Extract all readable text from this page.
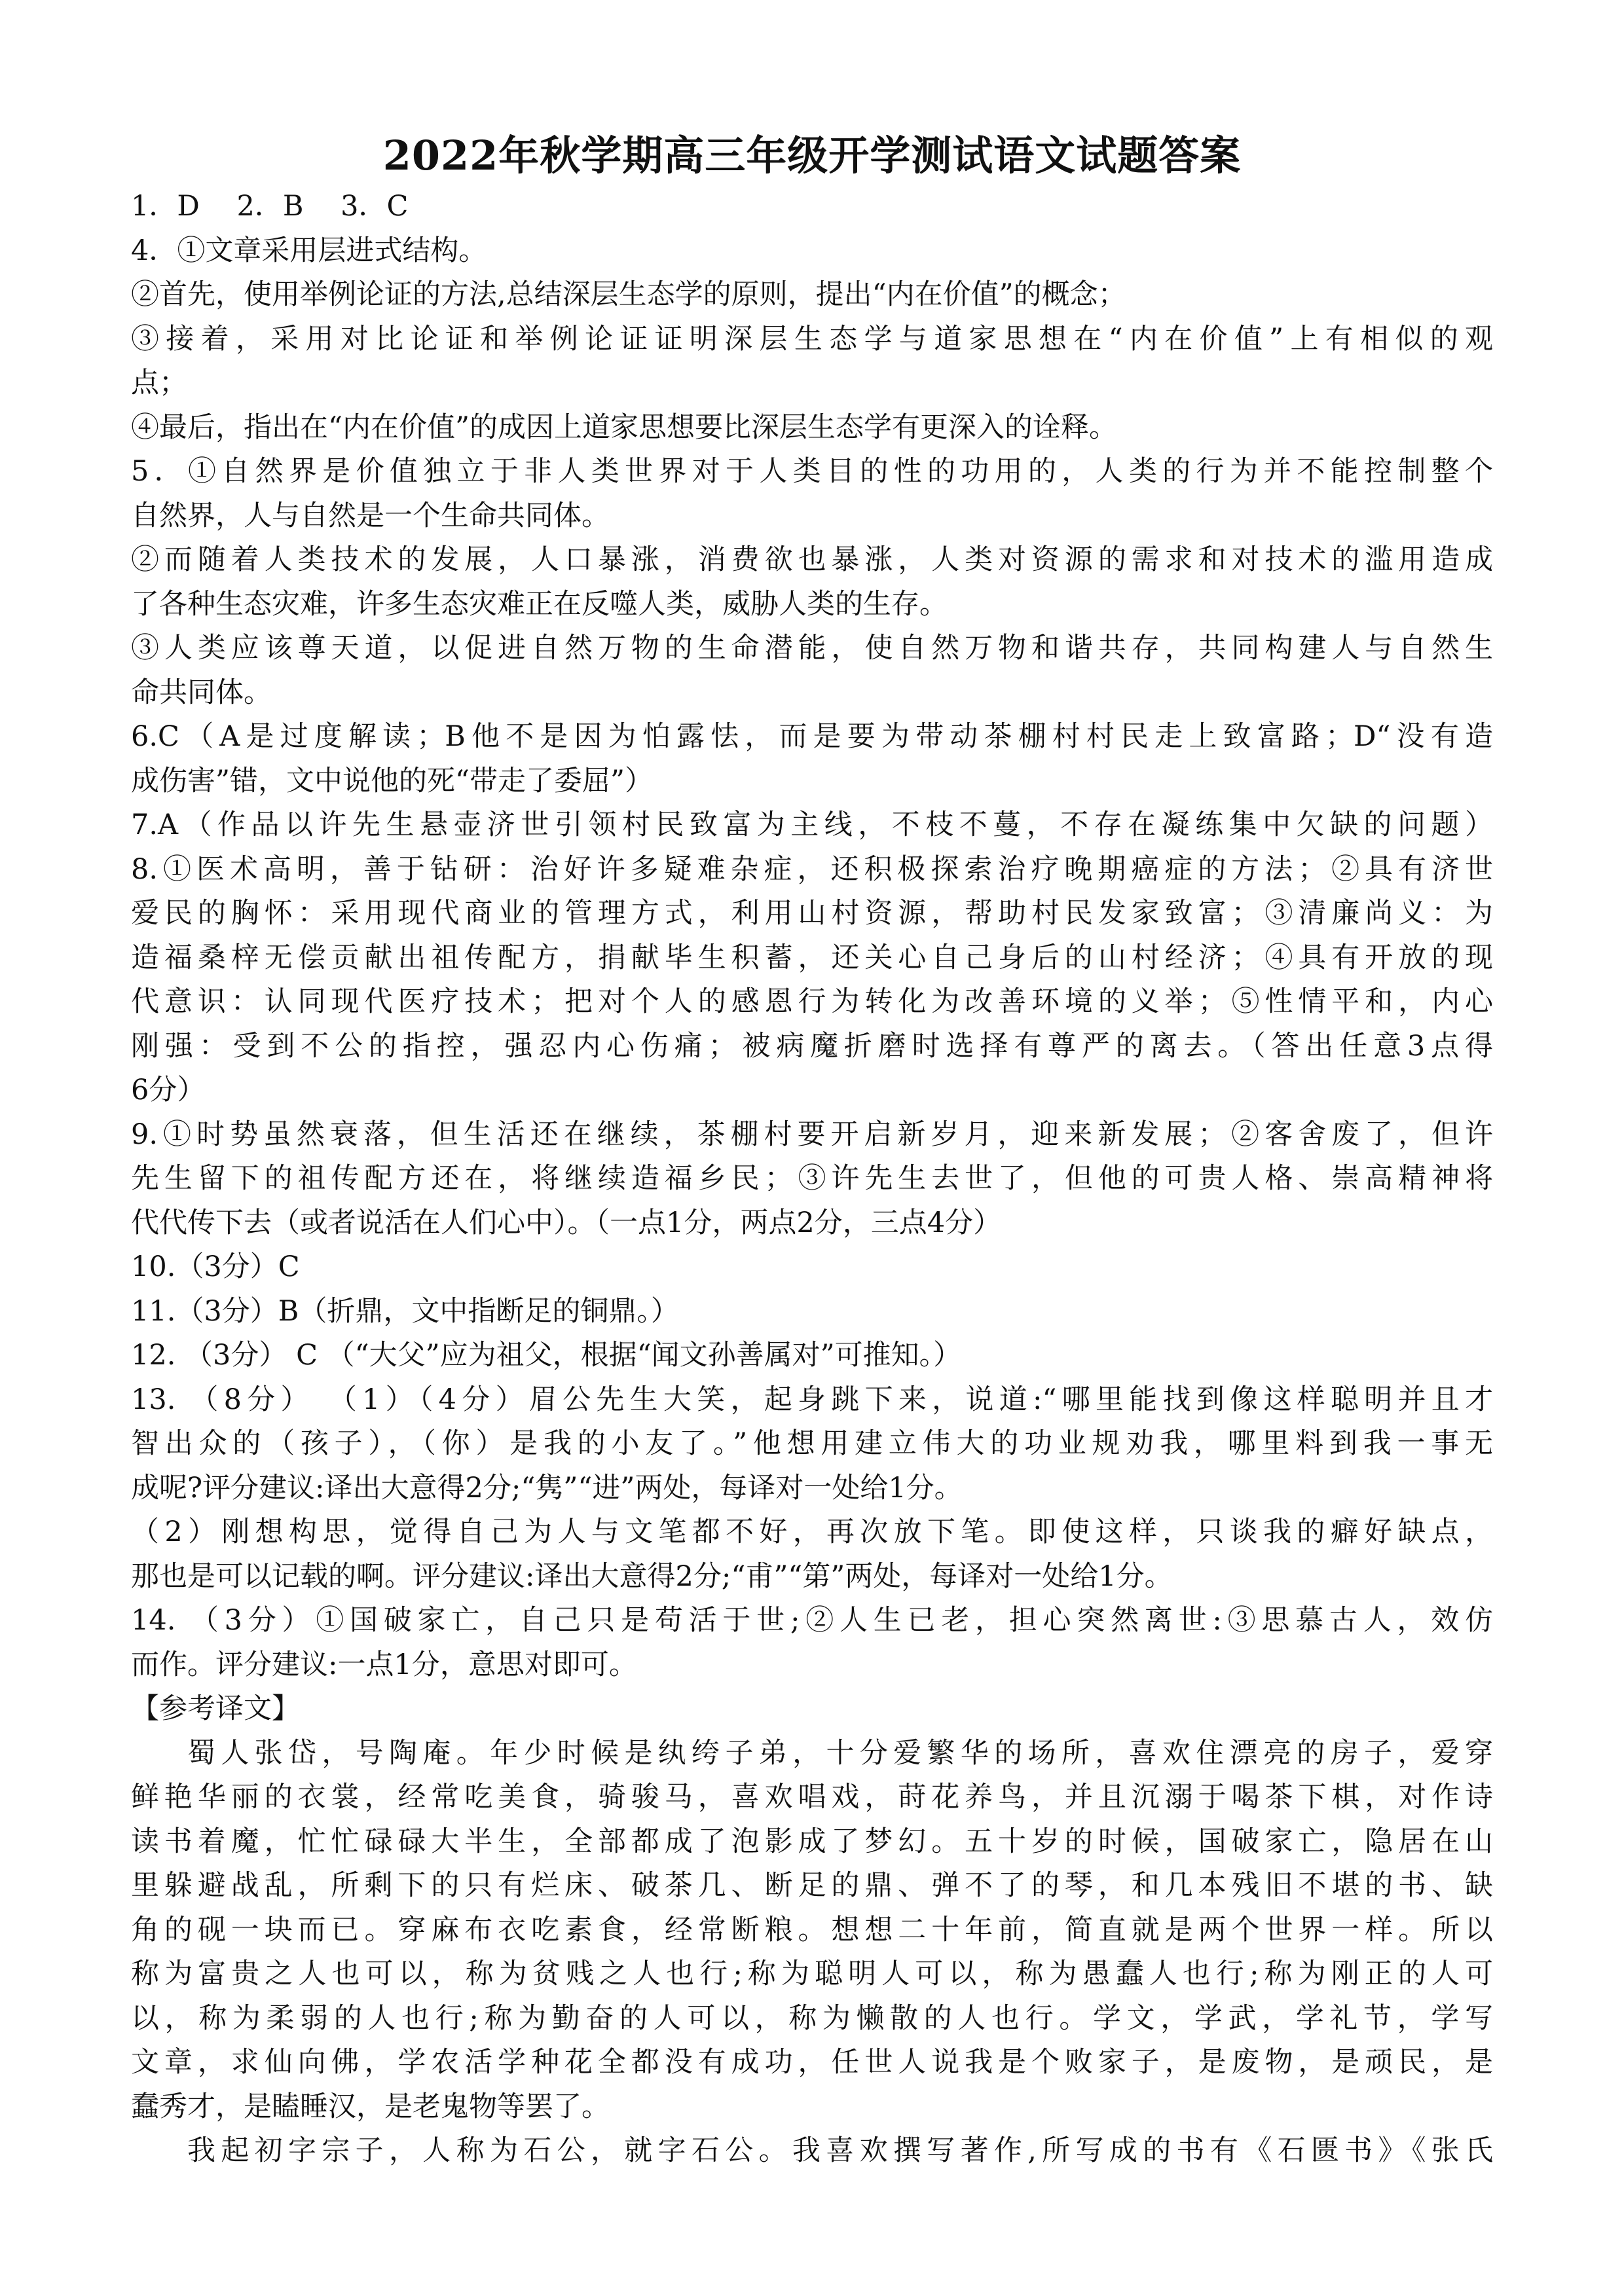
2022年秋学期高三年级开学测试语文试题答案
1．D　 2．B　 3．C
4．①文章采用层进式结构。
②首先，使用举例论证的方法,总结深层生态学的原则，提出“内在价值”的概念；
③接着，采用对比论证和举例论证证明深层生态学与道家思想在“内在价值”上有相似的观
点；
④最后，指出在“内在价值”的成因上道家思想要比深层生态学有更深入的诠释。
5．①自然界是价值独立于非人类世界对于人类目的性的功用的，人类的行为并不能控制整个
自然界，人与自然是一个生命共同体。
②而随着人类技术的发展，人口暴涨，消费欲也暴涨，人类对资源的需求和对技术的滥用造成
了各种生态灾难，许多生态灾难正在反噬人类，威胁人类的生存。
③人类应该尊天道，以促进自然万物的生命潜能，使自然万物和谐共存，共同构建人与自然生
命共同体。
6.C（A是过度解读；B他不是因为怕露怯，而是要为带动茶棚村村民走上致富路；D“没有造
成伤害”错，文中说他的死“带走了委屈”）
7.A（作品以许先生悬壶济世引领村民致富为主线，不枝不蔓，不存在凝练集中欠缺的问题）
8.①医术高明，善于钻研：治好许多疑难杂症，还积极探索治疗晚期癌症的方法；②具有济世
爱民的胸怀：采用现代商业的管理方式，利用山村资源，帮助村民发家致富；③清廉尚义：为
造福桑梓无偿贡献出祖传配方，捐献毕生积蓄，还关心自己身后的山村经济；④具有开放的现
代意识：认同现代医疗技术；把对个人的感恩行为转化为改善环境的义举；⑤性情平和，内心
刚强：受到不公的指控，强忍内心伤痛；被病魔折磨时选择有尊严的离去。（答出任意3点得
6分）
9.①时势虽然衰落，但生活还在继续，茶棚村要开启新岁月，迎来新发展；②客舍废了，但许
先生留下的祖传配方还在，将继续造福乡民；③许先生去世了，但他的可贵人格、崇高精神将
代代传下去（或者说活在人们心中）。（一点1分，两点2分，三点4分）
10.（3分）C
11.（3分）B（折鼎，文中指断足的铜鼎。）
12. （3分） C （“大父”应为祖父，根据“闻文孙善属对”可推知。）
13. （8分） （1）（4分）眉公先生大笑，起身跳下来，说道:“哪里能找到像这样聪明并且才
智出众的（孩子），（你）是我的小友了。”他想用建立伟大的功业规劝我，哪里料到我一事无
成呢?评分建议:译出大意得2分;“隽”“进”两处，每译对一处给1分。
（2）刚想构思，觉得自己为人与文笔都不好，再次放下笔。即使这样，只谈我的癖好缺点，
那也是可以记载的啊。评分建议:译出大意得2分;“甫”“第”两处，每译对一处给1分。
14. （3分）①国破家亡，自己只是苟活于世;②人生已老，担心突然离世:③思慕古人，效仿
而作。评分建议:一点1分，意思对即可。
【参考译文】
蜀人张岱，号陶庵。年少时候是纨绔子弟，十分爱繁华的场所，喜欢住漂亮的房子，爱穿
鲜艳华丽的衣裳，经常吃美食，骑骏马，喜欢唱戏，莳花养鸟，并且沉溺于喝茶下棋，对作诗
读书着魔，忙忙碌碌大半生，全部都成了泡影成了梦幻。五十岁的时候，国破家亡，隐居在山
里躲避战乱，所剩下的只有烂床、破茶几、断足的鼎、弹不了的琴，和几本残旧不堪的书、缺
角的砚一块而已。穿麻布衣吃素食，经常断粮。想想二十年前，简直就是两个世界一样。所以
称为富贵之人也可以，称为贫贱之人也行;称为聪明人可以，称为愚蠢人也行;称为刚正的人可
以，称为柔弱的人也行;称为勤奋的人可以，称为懒散的人也行。学文，学武，学礼节，学写
文章，求仙向佛，学农活学种花全都没有成功，任世人说我是个败家子，是废物，是顽民，是
蠢秀才，是瞌睡汉，是老鬼物等罢了。
我起初字宗子，人称为石公，就字石公。我喜欢撰写著作,所写成的书有《石匮书》《张氏
